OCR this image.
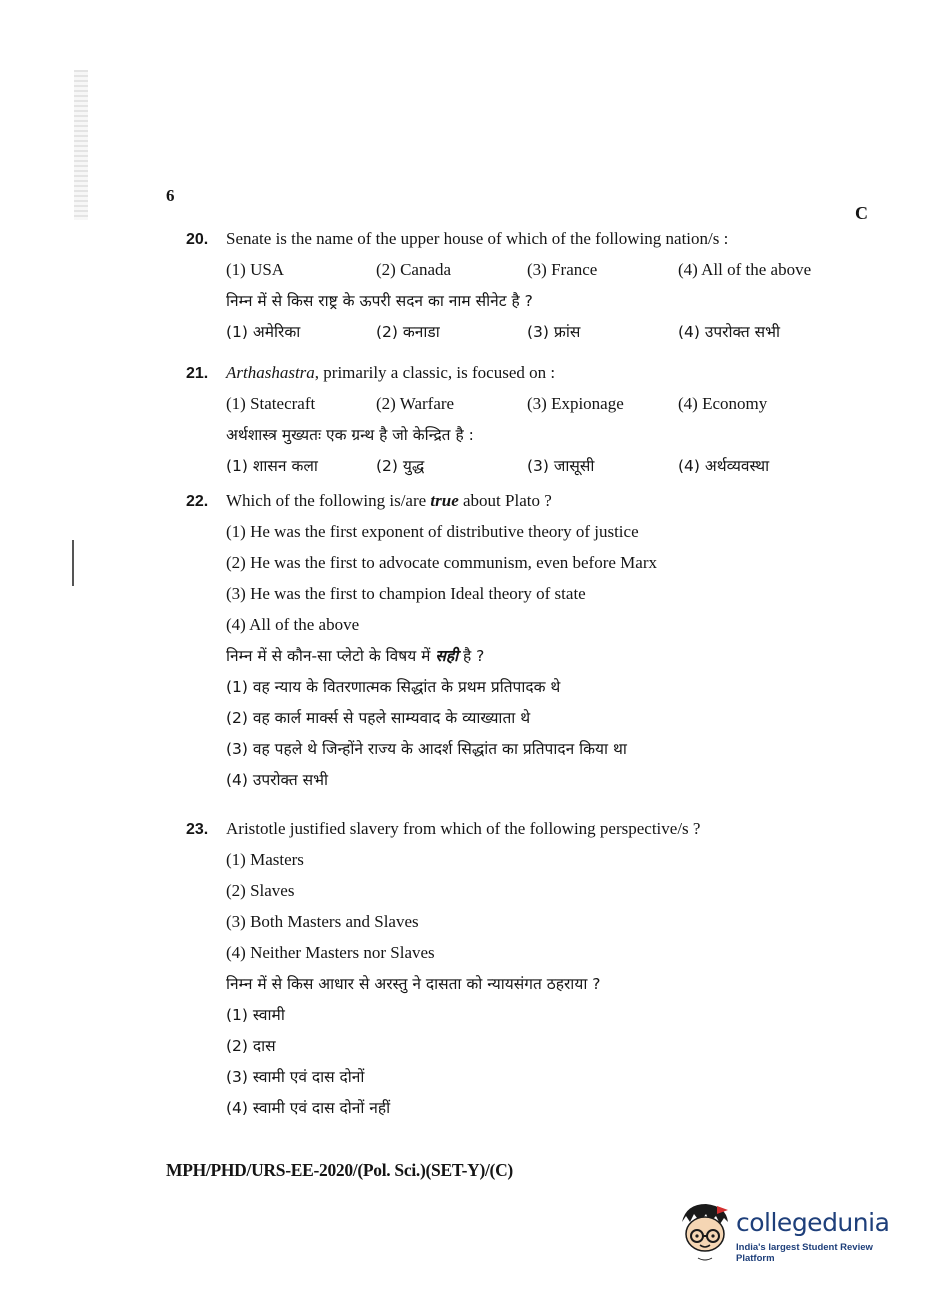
6
C
20. Senate is the name of the upper house of which of the following nation/s :
(1) USA	(2) Canada	(3) France	(4) All of the above
निम्न में से किस राष्ट्र के ऊपरी सदन का नाम सीनेट है ?
(1) अमेरिका	(2) कनाडा	(3) फ्रांस	(4) उपरोक्त सभी
21. Arthashastra, primarily a classic, is focused on :
(1) Statecraft	(2) Warfare	(3) Expionage	(4) Economy
अर्थशास्त्र मुख्यतः एक ग्रन्थ है जो केन्द्रित है :
(1) शासन कला	(2) युद्ध	(3) जासूसी	(4) अर्थव्यवस्था
22. Which of the following is/are true about Plato ?
(1) He was the first exponent of distributive theory of justice
(2) He was the first to advocate communism, even before Marx
(3) He was the first to champion Ideal theory of state
(4) All of the above
निम्न में से कौन-सा प्लेटो के विषय में सही है ?
(1) वह न्याय के वितरणात्मक सिद्धांत के प्रथम प्रतिपादक थे
(2) वह कार्ल मार्क्स से पहले साम्यवाद के व्याख्याता थे
(3) वह पहले थे जिन्होंने राज्य के आदर्श सिद्धांत का प्रतिपादन किया था
(4) उपरोक्त सभी
23. Aristotle justified slavery from which of the following perspective/s ?
(1) Masters
(2) Slaves
(3) Both Masters and Slaves
(4) Neither Masters nor Slaves
निम्न में से किस आधार से अरस्तु ने दासता को न्यायसंगत ठहराया ?
(1) स्वामी
(2) दास
(3) स्वामी एवं दास दोनों
(4) स्वामी एवं दास दोनों नहीं
MPH/PHD/URS-EE-2020/(Pol. Sci.)(SET-Y)/(C)
collegedunia
India's largest Student Review Platform
